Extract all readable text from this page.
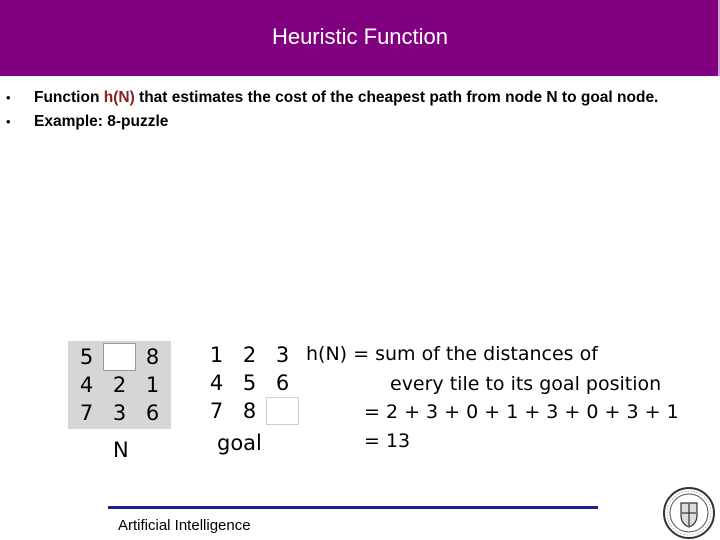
Heuristic Function
• Function h(N) that estimates the cost of the cheapest path from node N to goal node.
• Example: 8-puzzle
5	8
4 2 1
7 3 6
N
1 2 3
4 5 6
7 8
goal
h(N) = sum of the distances of
every tile to its goal position
= 2 + 3 + 0 + 1 + 3 + 0 + 3 + 1
= 13
Artificial Intelligence
